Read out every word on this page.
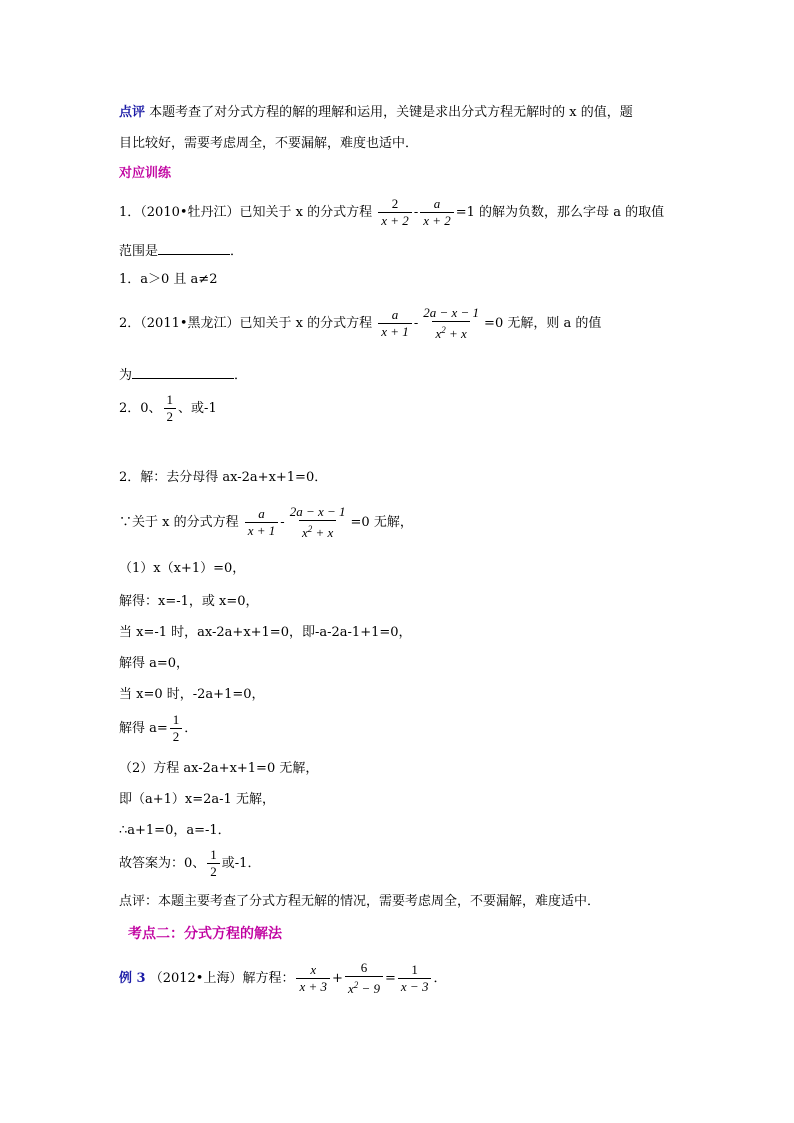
点评 本题考查了对分式方程的解的理解和运用，关键是求出分式方程无解时的 x 的值，题
目比较好，需要考虑周全，不要漏解，难度也适中．
对应训练
1．（2010•牡丹江）已知关于 x 的分式方程 $\frac{2}{x + 2} - \frac{a}{x + 2} =1$ 的解为负数，那么字母 a 的取值
范围是	．
1．a＞0 且 a≠2
2．（2011•黑龙江）已知关于 x 的分式方程 $\frac{a}{x + 1} - \frac{2a - x - 1}{x^2 + x} =0$ 无解，则 a 的值
为	．
2．0、 $\frac{1}{2}$ 、或-1
2．解：去分母得 ax-2a+x+1=0．
∵关于 x 的分式方程 $\frac{a}{x + 1} - \frac{2a - x - 1}{x^2 + x} =0$ 无解，
（1）x（x+1）=0，
解得：x=-1，或 x=0，
当 x=-1 时，ax-2a+x+1=0，即-a-2a-1+1=0，
解得 a=0，
当 x=0 时，-2a+1=0，
解得 $a= \frac{1}{2}$ ．
（2）方程 ax-2a+x+1=0 无解，
即（a+1）x=2a-1 无解，
∴a+1=0，a=-1．
故答案为：0、 $\frac{1}{2}$ 或-1．
点评：本题主要考查了分式方程无解的情况，需要考虑周全，不要漏解，难度适中．
考点二：分式方程的解法
例 3 （2012•上海）解方程： $\frac{x}{x + 3} + \frac{6}{x^2 - 9} = \frac{1}{x - 3}$ ．
